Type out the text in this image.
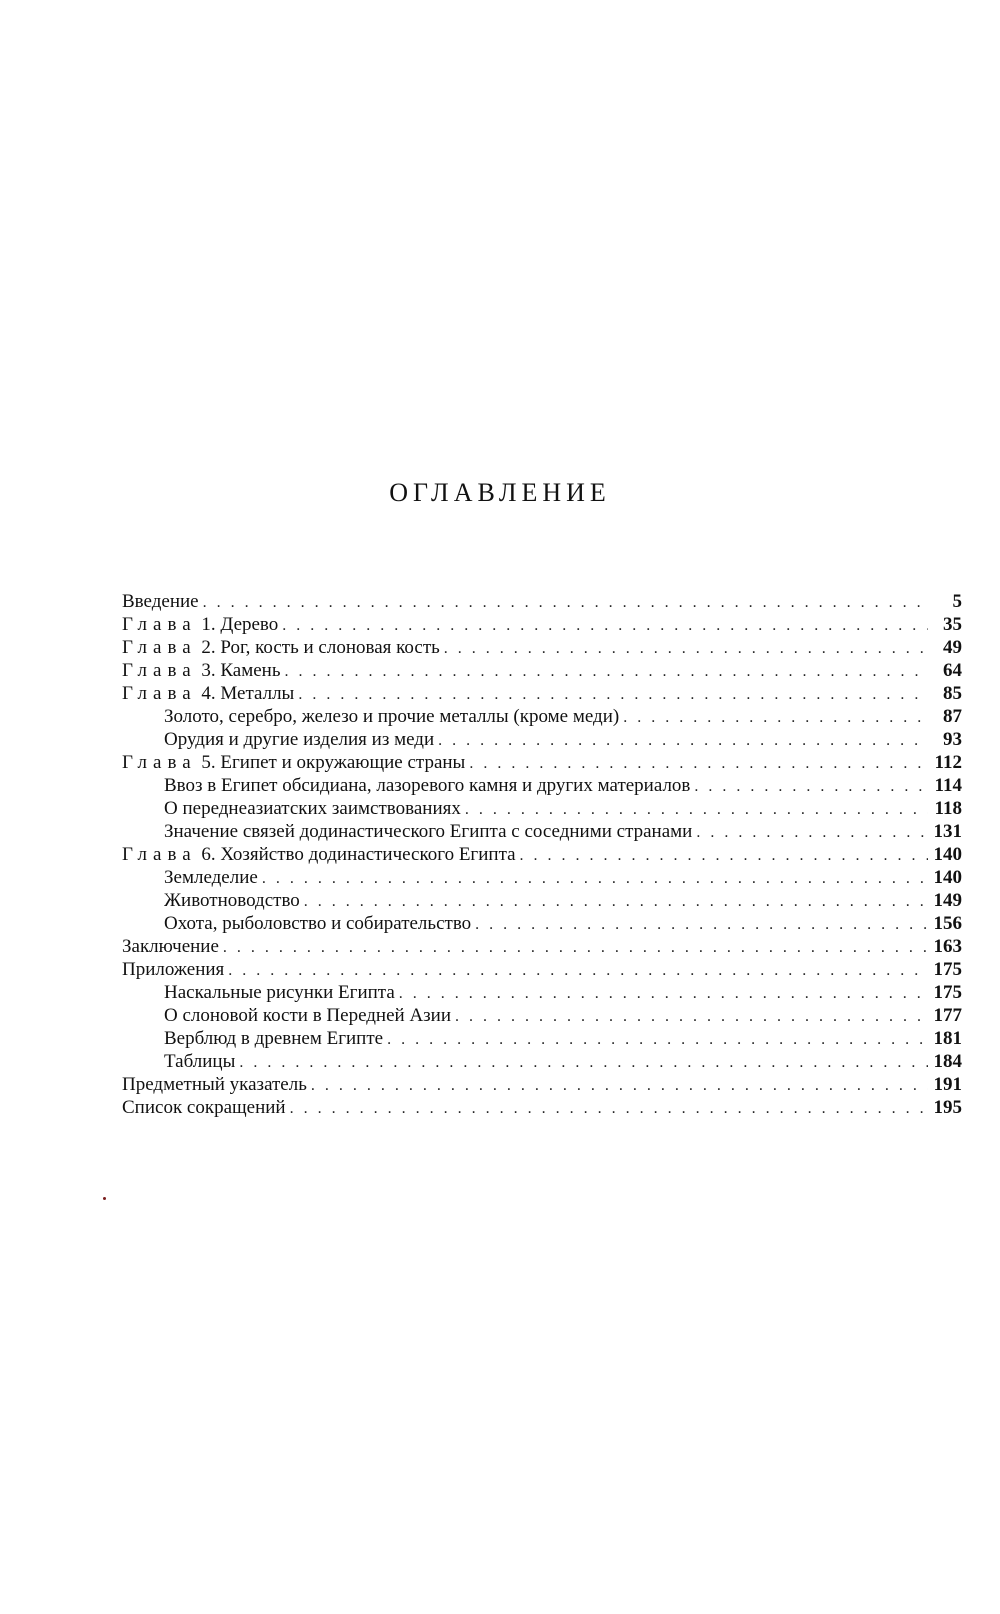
ОГЛАВЛЕНИЕ
Введение . . .	5
Глава 1. Дерево . . .	35
Глава 2. Рог, кость и слоновая кость . . .	49
Глава 3. Камень . . .	64
Глава 4. Металлы . . .	85
Золото, серебро, железо и прочие металлы (кроме меди) . . .	87
Орудия и другие изделия из меди . . .	93
Глава 5. Египет и окружающие страны . . .	112
Ввоз в Египет обсидиана, лазоревого камня и других материалов . . .	114
О переднеазиатских заимствованиях . . .	118
Значение связей додинастического Египта с соседними странами . . .	131
Глава 6. Хозяйство додинастического Египта . . .	140
Земледелие . . .	140
Животноводство . . .	149
Охота, рыболовство и собирательство . . .	156
Заключение . . .	163
Приложения . . .	175
Наскальные рисунки Египта . . .	175
О слоновой кости в Передней Азии . . .	177
Верблюд в древнем Египте . . .	181
Таблицы . . .	184
Предметный указатель . . .	191
Список сокращений . . .	195
